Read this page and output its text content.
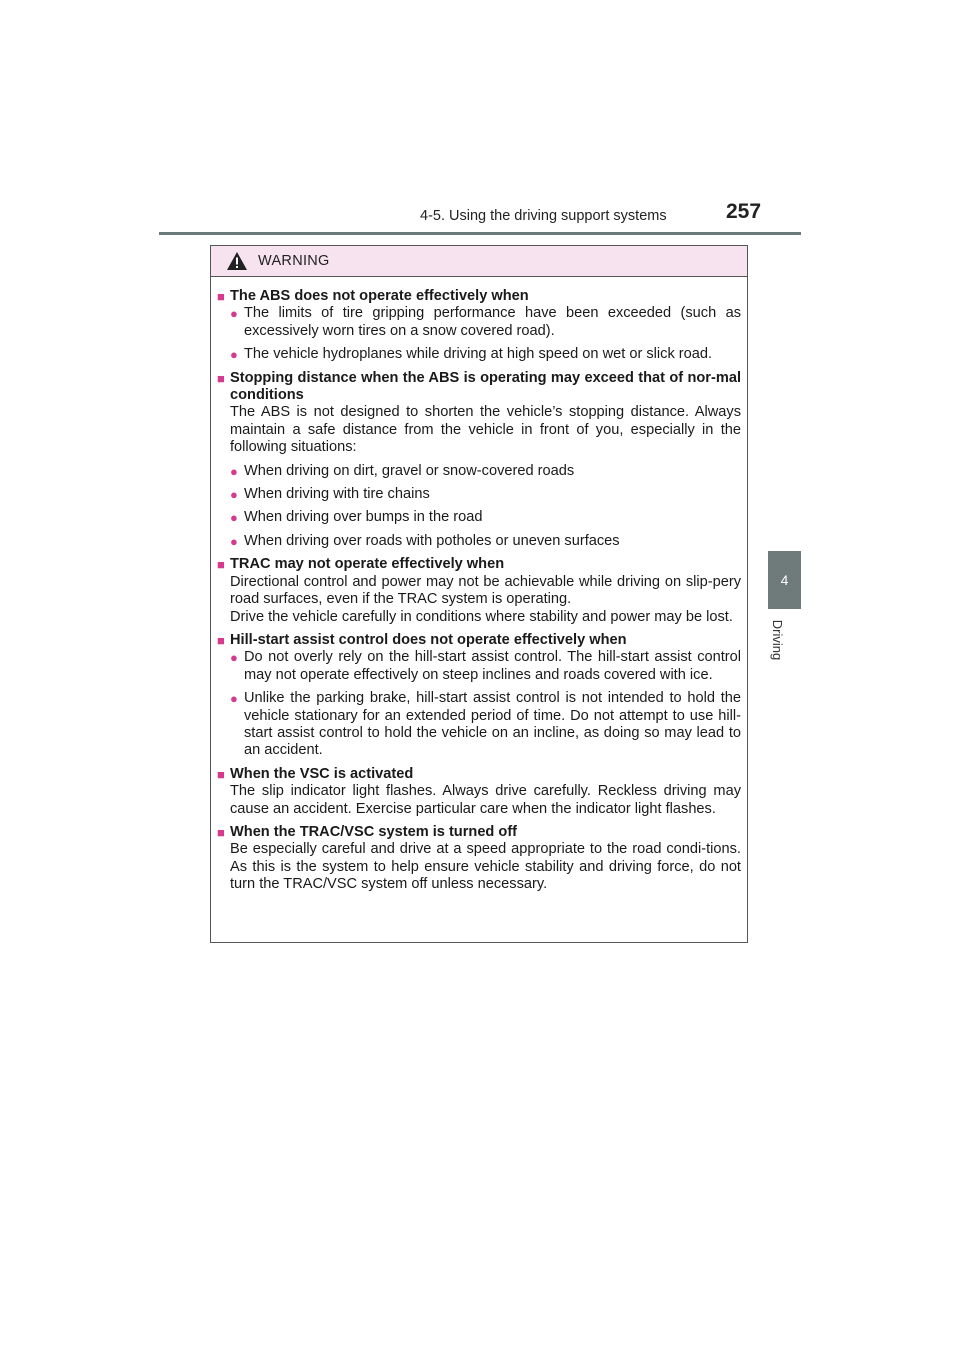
4-5. Using the driving support systems	257
4
Driving
WARNING
■ The ABS does not operate effectively when
● The limits of tire gripping performance have been exceeded (such as excessively worn tires on a snow covered road).
● The vehicle hydroplanes while driving at high speed on wet or slick road.
■ Stopping distance when the ABS is operating may exceed that of nor-mal conditions
The ABS is not designed to shorten the vehicle’s stopping distance. Always maintain a safe distance from the vehicle in front of you, especially in the following situations:
● When driving on dirt, gravel or snow-covered roads
● When driving with tire chains
● When driving over bumps in the road
● When driving over roads with potholes or uneven surfaces
■ TRAC may not operate effectively when
Directional control and power may not be achievable while driving on slip-pery road surfaces, even if the TRAC system is operating.
Drive the vehicle carefully in conditions where stability and power may be lost.
■ Hill-start assist control does not operate effectively when
● Do not overly rely on the hill-start assist control. The hill-start assist control may not operate effectively on steep inclines and roads covered with ice.
● Unlike the parking brake, hill-start assist control is not intended to hold the vehicle stationary for an extended period of time. Do not attempt to use hill-start assist control to hold the vehicle on an incline, as doing so may lead to an accident.
■ When the VSC is activated
The slip indicator light flashes. Always drive carefully. Reckless driving may cause an accident. Exercise particular care when the indicator light flashes.
■ When the TRAC/VSC system is turned off
Be especially careful and drive at a speed appropriate to the road condi-tions. As this is the system to help ensure vehicle stability and driving force, do not turn the TRAC/VSC system off unless necessary.
